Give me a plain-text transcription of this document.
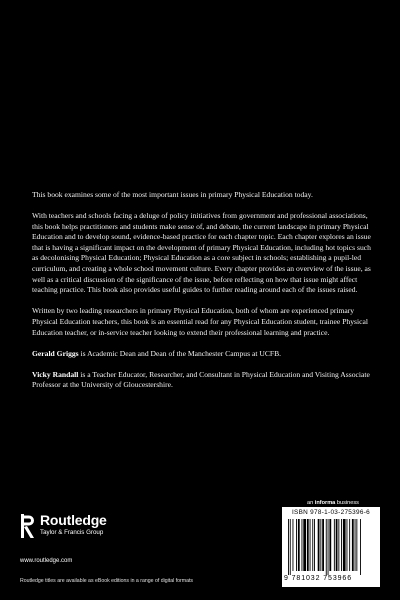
This book examines some of the most important issues in primary Physical Education today.

With teachers and schools facing a deluge of policy initiatives from government and professional associations, this book helps practitioners and students make sense of, and debate, the current landscape in primary Physical Education and to develop sound, evidence-based practice for each chapter topic. Each chapter explores an issue that is having a significant impact on the development of primary Physical Education, including hot topics such as decolonising Physical Education; Physical Education as a core subject in schools; establishing a pupil-led curriculum, and creating a whole school movement culture. Every chapter provides an overview of the issue, as well as a critical discussion of the significance of the issue, before reflecting on how that issue might affect teaching practice. This book also provides useful guides to further reading around each of the issues raised.

Written by two leading researchers in primary Physical Education, both of whom are experienced primary Physical Education teachers, this book is an essential read for any Physical Education student, trainee Physical Education teacher, or in-service teacher looking to extend their professional learning and practice.

Gerald Griggs is Academic Dean and Dean of the Manchester Campus at UCFB.

Vicky Randall is a Teacher Educator, Researcher, and Consultant in Physical Education and Visiting Associate Professor at the University of Gloucestershire.

Routledge
Taylor & Francis Group
www.routledge.com
Routledge titles are available as eBook editions in a range of digital formats
an informa business
ISBN 978-1-03-275396-6
9 781032 753966
